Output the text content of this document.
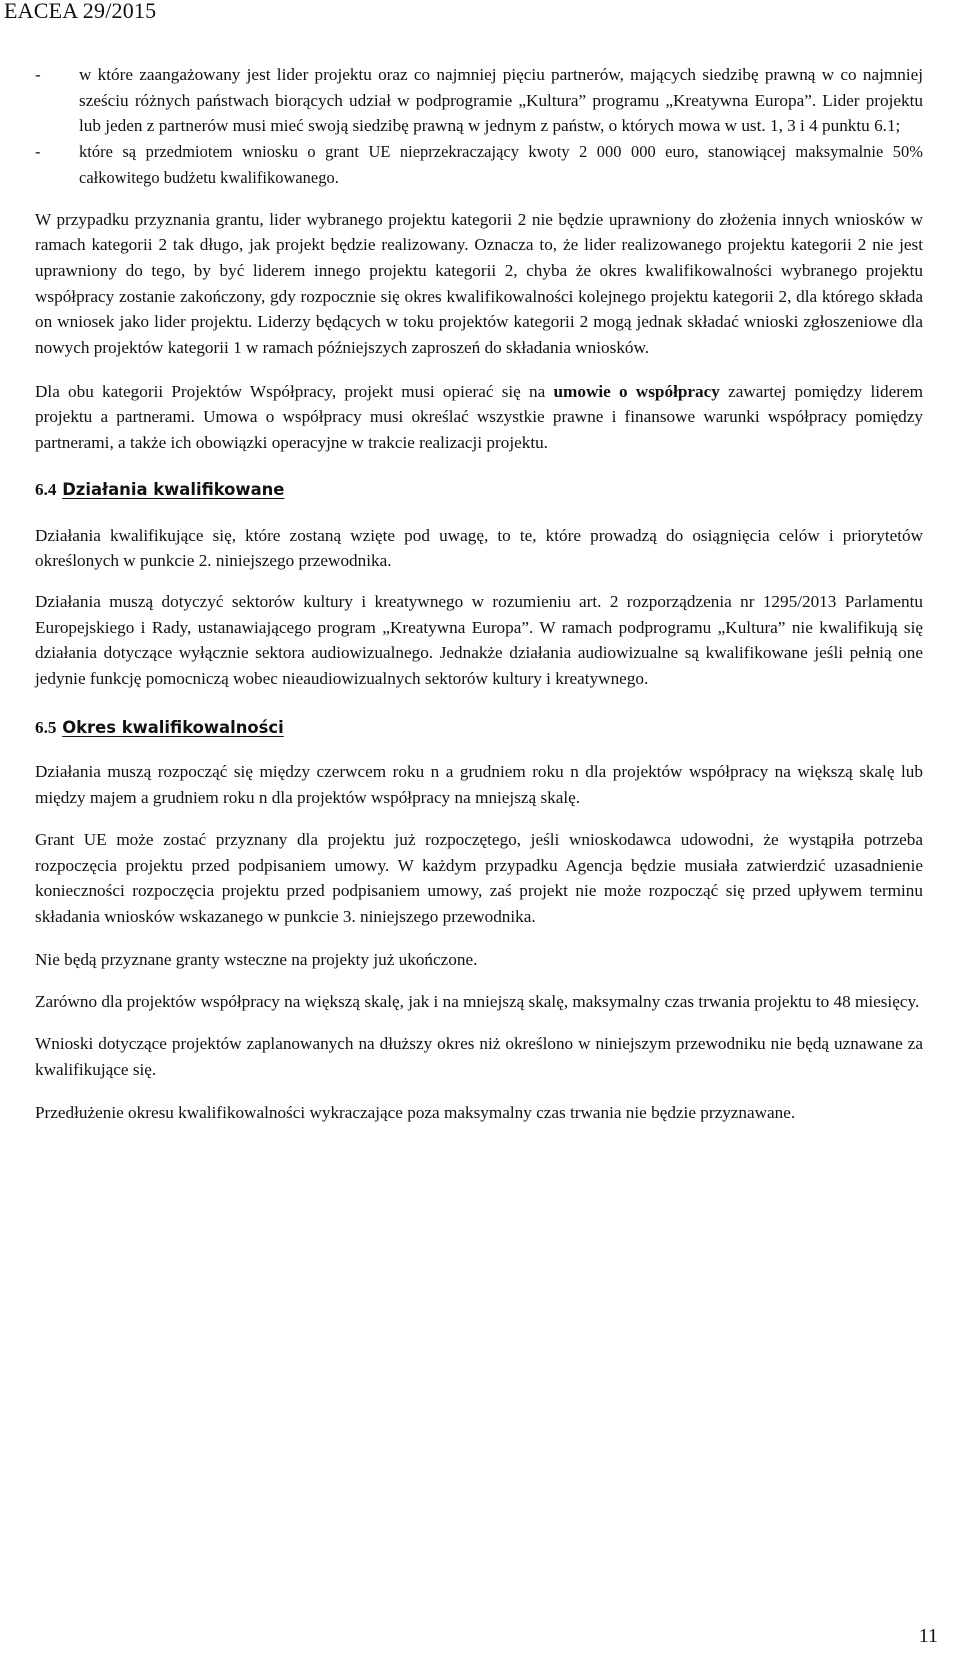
EACEA 29/2015
- w które zaangażowany jest lider projektu oraz co najmniej pięciu partnerów, mających siedzibę prawną w co najmniej sześciu różnych państwach biorących udział w podprogramie „Kultura” programu „Kreatywna Europa”. Lider projektu lub jeden z partnerów musi mieć swoją siedzibę prawną w jednym z państw, o których mowa w ust. 1, 3 i 4 punktu 6.1;
- które są przedmiotem wniosku o grant UE nieprzekraczający kwoty 2 000 000 euro, stanowiącej maksymalnie 50% całkowitego budżetu kwalifikowanego.

W przypadku przyznania grantu, lider wybranego projektu kategorii 2 nie będzie uprawniony do złożenia innych wniosków w ramach kategorii 2 tak długo, jak projekt będzie realizowany. Oznacza to, że lider realizowanego projektu kategorii 2 nie jest uprawniony do tego, by być liderem innego projektu kategorii 2, chyba że okres kwalifikowalności wybranego projektu współpracy zostanie zakończony, gdy rozpocznie się okres kwalifikowalności kolejnego projektu kategorii 2, dla którego składa on wniosek jako lider projektu. Liderzy będących w toku projektów kategorii 2 mogą jednak składać wnioski zgłoszeniowe dla nowych projektów kategorii 1 w ramach późniejszych zaproszeń do składania wniosków.

Dla obu kategorii Projektów Współpracy, projekt musi opierać się na umowie o współpracy zawartej pomiędzy liderem projektu a partnerami. Umowa o współpracy musi określać wszystkie prawne i finansowe warunki współpracy pomiędzy partnerami, a także ich obowiązki operacyjne w trakcie realizacji projektu.

6.4 Działania kwalifikowane

Działania kwalifikujące się, które zostaną wzięte pod uwagę, to te, które prowadzą do osiągnięcia celów i priorytetów określonych w punkcie 2. niniejszego przewodnika.

Działania muszą dotyczyć sektorów kultury i kreatywnego w rozumieniu art. 2 rozporządzenia nr 1295/2013 Parlamentu Europejskiego i Rady, ustanawiającego program „Kreatywna Europa”. W ramach podprogramu „Kultura” nie kwalifikują się działania dotyczące wyłącznie sektora audiowizualnego. Jednakże działania audiowizualne są kwalifikowane jeśli pełnią one jedynie funkcję pomocniczą wobec nieaudiowizualnych sektorów kultury i kreatywnego.

6.5 Okres kwalifikowalności

Działania muszą rozpocząć się między czerwcem roku n a grudniem roku n dla projektów współpracy na większą skalę lub między majem a grudniem roku n dla projektów współpracy na mniejszą skalę.

Grant UE może zostać przyznany dla projektu już rozpoczętego, jeśli wnioskodawca udowodni, że wystąpiła potrzeba rozpoczęcia projektu przed podpisaniem umowy. W każdym przypadku Agencja będzie musiała zatwierdzić uzasadnienie konieczności rozpoczęcia projektu przed podpisaniem umowy, zaś projekt nie może rozpocząć się przed upływem terminu składania wniosków wskazanego w punkcie 3. niniejszego przewodnika.

Nie będą przyznane granty wsteczne na projekty już ukończone.

Zarówno dla projektów współpracy na większą skalę, jak i na mniejszą skalę, maksymalny czas trwania projektu to 48 miesięcy.

Wnioski dotyczące projektów zaplanowanych na dłuższy okres niż określono w niniejszym przewodniku nie będą uznawane za kwalifikujące się.

Przedłużenie okresu kwalifikowalności wykraczające poza maksymalny czas trwania nie będzie przyznawane.

11
